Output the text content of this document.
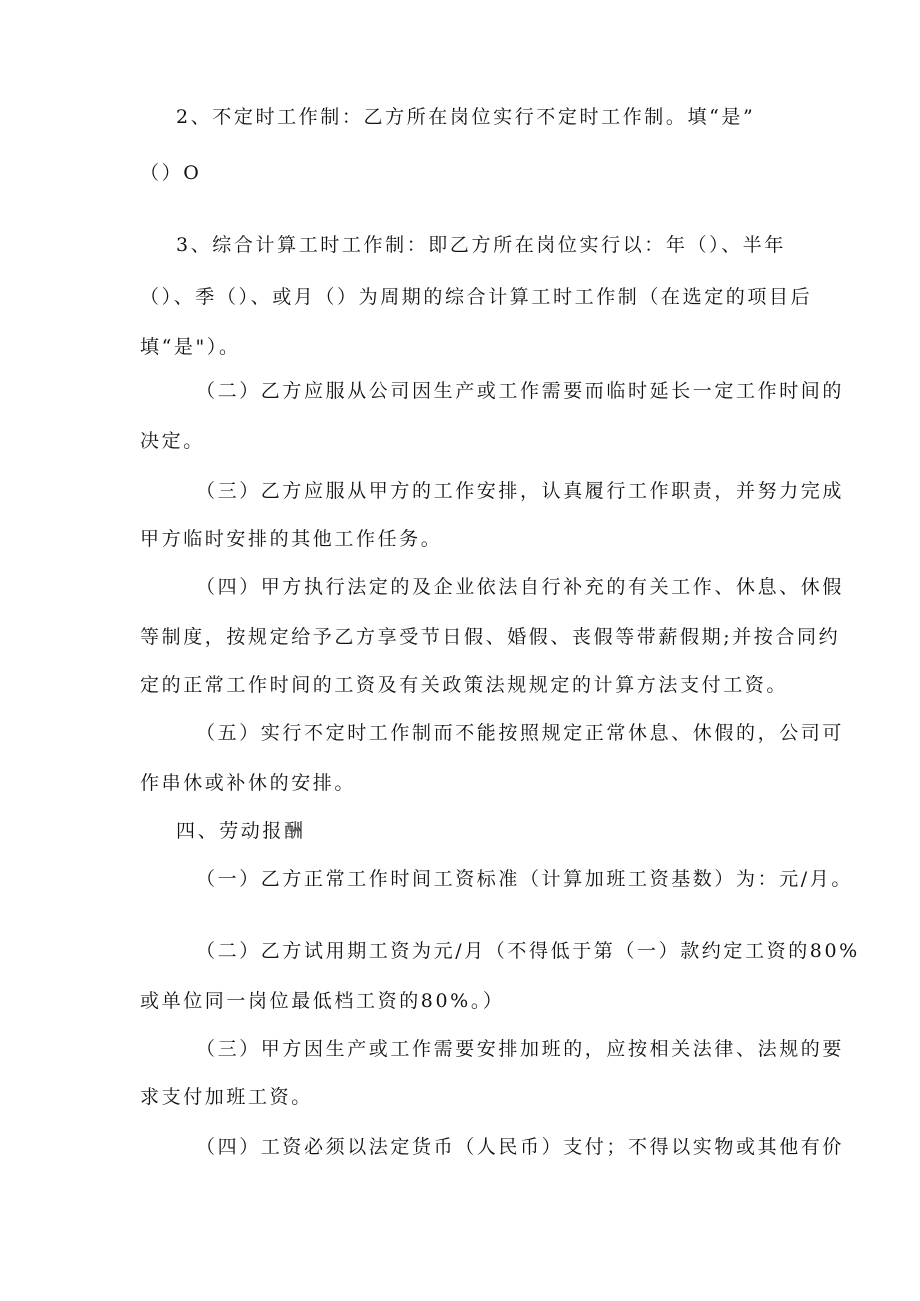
2、不定时工作制：乙方所在岗位实行不定时工作制。填“是”
（）O
3、综合计算工时工作制：即乙方所在岗位实行以：年（）、半年
（）、季（）、或月（）为周期的综合计算工时工作制（在选定的项目后
填“是"）。
（二）乙方应服从公司因生产或工作需要而临时延长一定工作时间的
决定。
（三）乙方应服从甲方的工作安排，认真履行工作职责，并努力完成
甲方临时安排的其他工作任务。
（四）甲方执行法定的及企业依法自行补充的有关工作、休息、休假
等制度，按规定给予乙方享受节日假、婚假、丧假等带薪假期;并按合同约
定的正常工作时间的工资及有关政策法规规定的计算方法支付工资。
（五）实行不定时工作制而不能按照规定正常休息、休假的，公司可
作串休或补休的安排。
四、劳动报酬
（一）乙方正常工作时间工资标准（计算加班工资基数）为：元/月。
（二）乙方试用期工资为元/月（不得低于第（一）款约定工资的80%
或单位同一岗位最低档工资的80%。）
（三）甲方因生产或工作需要安排加班的，应按相关法律、法规的要
求支付加班工资。
（四）工资必须以法定货币（人民币）支付；不得以实物或其他有价
